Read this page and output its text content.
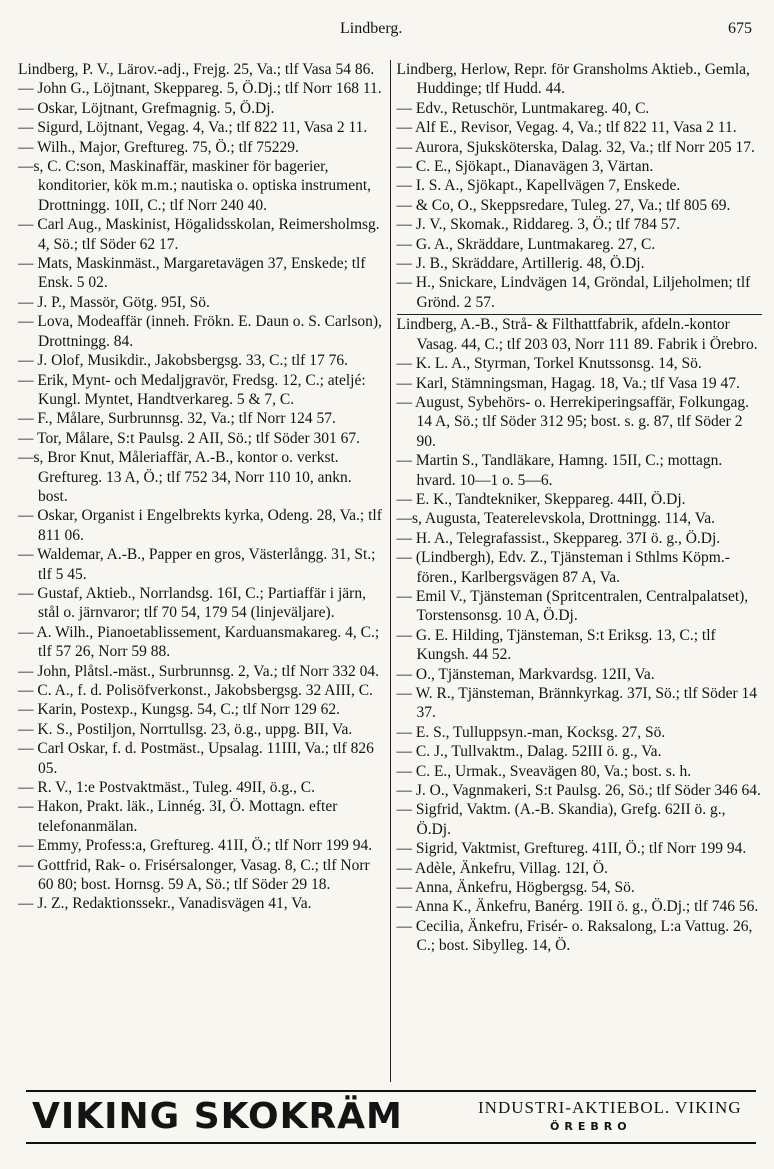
Lindberg.	675
Lindberg, P. V., Lärov.-adj., Frejg. 25, Va.; tlf Vasa 54 86.
— John G., Löjtnant, Skeppareg. 5, Ö.Dj.; tlf Norr 168 11.
— Oskar, Löjtnant, Grefmagnig. 5, Ö.Dj.
— Sigurd, Löjtnant, Vegag. 4, Va.; tlf 822 11, Vasa 2 11.
— Wilh., Major, Greftureg. 75, Ö.; tlf 75229.
—s, C. C:son, Maskinaffär, maskiner för bagerier, konditorier, kök m.m.; nautiska o. optiska instrument, Drottningg. 10II, C.; tlf Norr 240 40.
— Carl Aug., Maskinist, Högalidsskolan, Reimersholmsg. 4, Sö.; tlf Söder 62 17.
— Mats, Maskinmäst., Margaretavägen 37, Enskede; tlf Ensk. 5 02.
— J. P., Massör, Götg. 95I, Sö.
— Lova, Modeaffär (inneh. Frökn. E. Daun o. S. Carlson), Drottningg. 84.
— J. Olof, Musikdir., Jakobsbergsg. 33, C.; tlf 17 76.
— Erik, Mynt- och Medaljgravör, Fredsg. 12, C.; ateljé: Kungl. Myntet, Handtverkareg. 5 & 7, C.
— F., Målare, Surbrunnsg. 32, Va.; tlf Norr 124 57.
— Tor, Målare, S:t Paulsg. 2 AII, Sö.; tlf Söder 301 67.
—s, Bror Knut, Måleriaffär, A.-B., kontor o. verkst. Greftureg. 13 A, Ö.; tlf 752 34, Norr 110 10, ankn. bost.
— Oskar, Organist i Engelbrekts kyrka, Odeng. 28, Va.; tlf 811 06.
— Waldemar, A.-B., Papper en gros, Västerlångg. 31, St.; tlf 5 45.
— Gustaf, Aktieb., Norrlandsg. 16I, C.; Partiaffär i järn, stål o. järnvaror; tlf 70 54, 179 54 (linjeväljare).
— A. Wilh., Pianoetablissement, Karduansmakareg. 4, C.; tlf 57 26, Norr 59 88.
— John, Plåtsl.-mäst., Surbrunnsg. 2, Va.; tlf Norr 332 04.
— C. A., f. d. Polisöfverkonst., Jakobsbergsg. 32 AIII, C.
— Karin, Postexp., Kungsg. 54, C.; tlf Norr 129 62.
— K. S., Postiljon, Norrtullsg. 23, ö.g., uppg. BII, Va.
— Carl Oskar, f. d. Postmäst., Upsalag. 11III, Va.; tlf 826 05.
— R. V., 1:e Postvaktmäst., Tuleg. 49II, ö.g., C.
— Hakon, Prakt. läk., Linnég. 3I, Ö. Mottagn. efter telefonanmälan.
— Emmy, Profess:a, Greftureg. 41II, Ö.; tlf Norr 199 94.
— Gottfrid, Rak- o. Frisérsalonger, Vasag. 8, C.; tlf Norr 60 80; bost. Hornsg. 59 A, Sö.; tlf Söder 29 18.
— J. Z., Redaktionssekr., Vanadisvägen 41, Va.
Lindberg, Herlow, Repr. för Gransholms Aktieb., Gemla, Huddinge; tlf Hudd. 44.
— Edv., Retuschör, Luntmakareg. 40, C.
— Alf E., Revisor, Vegag. 4, Va.; tlf 822 11, Vasa 2 11.
— Aurora, Sjuksköterska, Dalag. 32, Va.; tlf Norr 205 17.
— C. E., Sjökapt., Dianavägen 3, Värtan.
— I. S. A., Sjökapt., Kapellvägen 7, Enskede.
— & Co, O., Skeppsredare, Tuleg. 27, Va.; tlf 805 69.
— J. V., Skomak., Riddareg. 3, Ö.; tlf 784 57.
— G. A., Skräddare, Luntmakareg. 27, C.
— J. B., Skräddare, Artillerig. 48, Ö.Dj.
— H., Snickare, Lindvägen 14, Gröndal, Liljeholmen; tlf Grönd. 2 57.
Lindberg, A.-B., Strå- & Filthattfabrik, afdeln.-kontor Vasag. 44, C.; tlf 203 03, Norr 111 89. Fabrik i Örebro.
— K. L. A., Styrman, Torkel Knutssonsg. 14, Sö.
— Karl, Stämningsman, Hagag. 18, Va.; tlf Vasa 19 47.
— August, Sybehörs- o. Herrekiperingsaffär, Folkungag. 14 A, Sö.; tlf Söder 312 95; bost. s. g. 87, tlf Söder 2 90.
— Martin S., Tandläkare, Hamng. 15II, C.; mottagn. hvard. 10—1 o. 5—6.
— E. K., Tandtekniker, Skeppareg. 44II, Ö.Dj.
—s, Augusta, Teaterelevskola, Drottningg. 114, Va.
— H. A., Telegrafassist., Skeppareg. 37I ö. g., Ö.Dj.
— (Lindbergh), Edv. Z., Tjänsteman i Sthlms Köpm.-fören., Karlbergsvägen 87 A, Va.
— Emil V., Tjänsteman (Spritcentralen, Centralpalatset), Torstensonsg. 10 A, Ö.Dj.
— G. E. Hilding, Tjänsteman, S:t Eriksg. 13, C.; tlf Kungsh. 44 52.
— O., Tjänsteman, Markvardsg. 12II, Va.
— W. R., Tjänsteman, Brännkyrkag. 37I, Sö.; tlf Söder 14 37.
— E. S., Tulluppsyn.-man, Kocksg. 27, Sö.
— C. J., Tullvaktm., Dalag. 52III ö. g., Va.
— C. E., Urmak., Sveavägen 80, Va.; bost. s. h.
— J. O., Vagnmakeri, S:t Paulsg. 26, Sö.; tlf Söder 346 64.
— Sigfrid, Vaktm. (A.-B. Skandia), Grefg. 62II ö. g., Ö.Dj.
— Sigrid, Vaktmist, Greftureg. 41II, Ö.; tlf Norr 199 94.
— Adèle, Änkefru, Villag. 12I, Ö.
— Anna, Änkefru, Högbergsg. 54, Sö.
— Anna K., Änkefru, Banérg. 19II ö. g., Ö.Dj.; tlf 746 56.
— Cecilia, Änkefru, Frisér- o. Raksalong, L:a Vattug. 26, C.; bost. Sibylleg. 14, Ö.
VIKING SKOKRÄM	INDUSTRI-AKTIEBOL. VIKING
ÖREBRO
